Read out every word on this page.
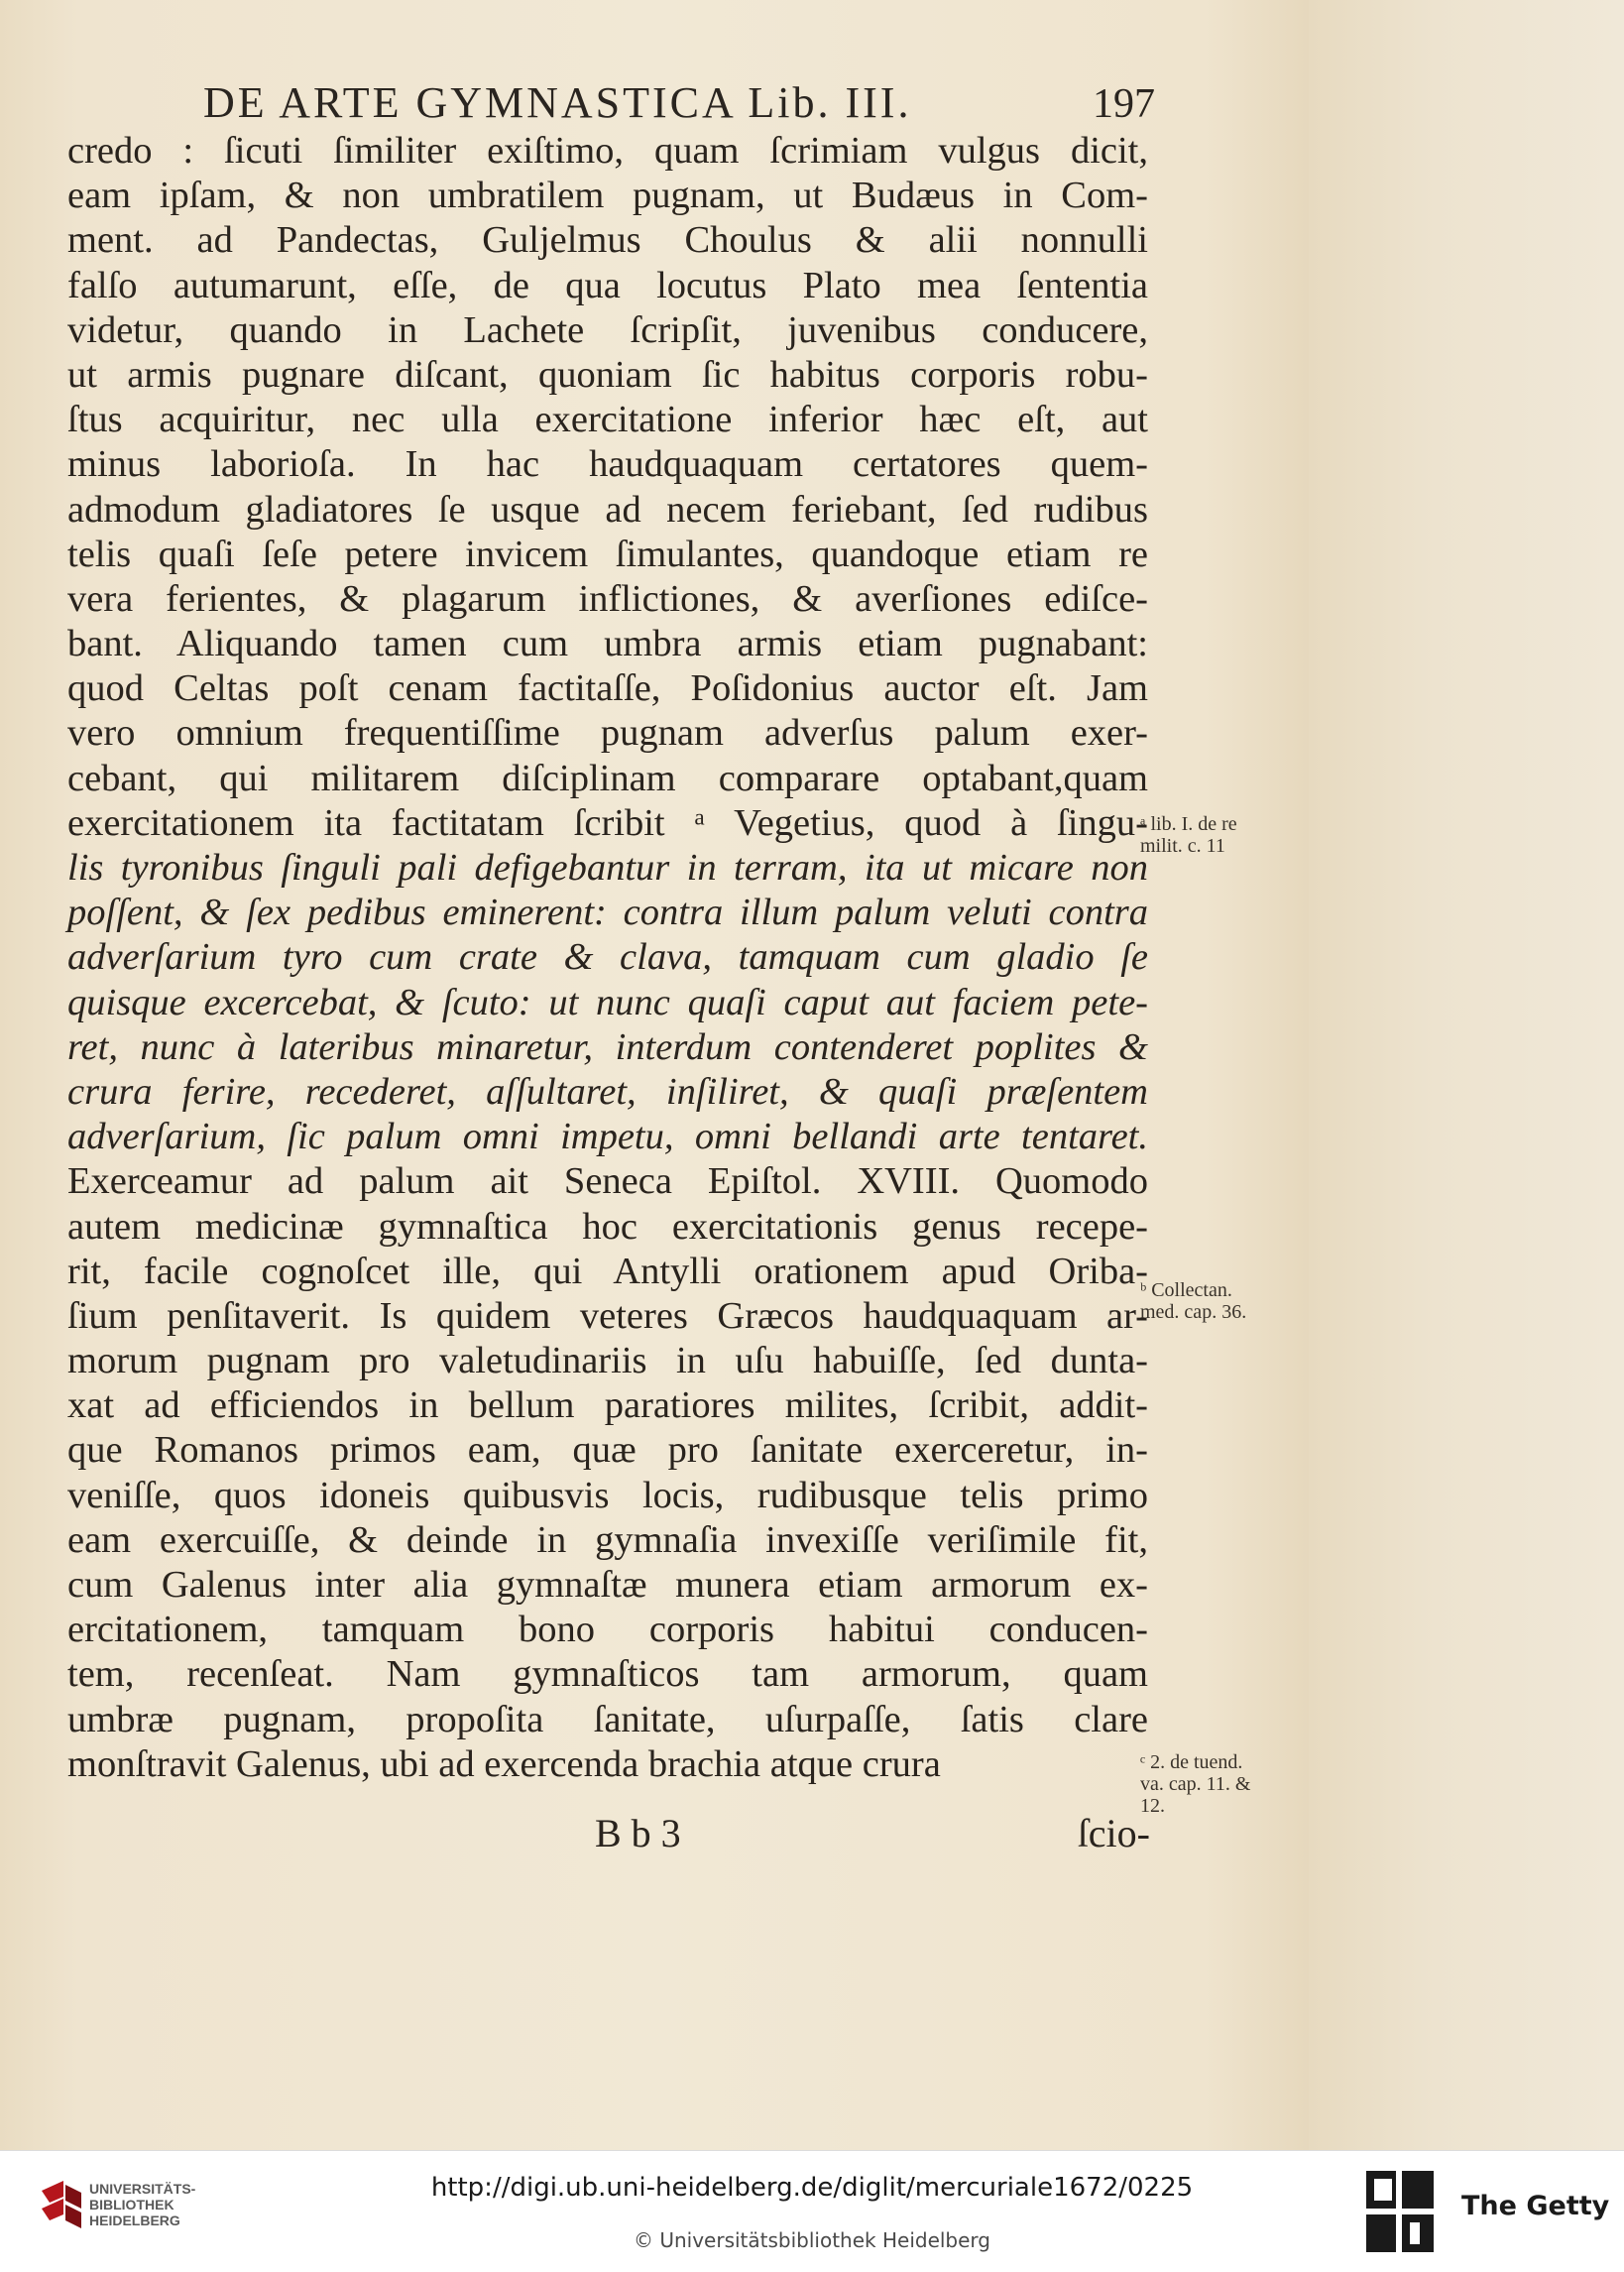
DE ARTE GYMNASTICA Lib. III.	197
credo : ſicuti ſimiliter exiſtimo, quam ſcrimiam vulgus dicit,
eam ipſam, & non umbratilem pugnam, ut Budæus in Com-
ment. ad Pandectas, Guljelmus Choulus & alii nonnulli
falſo autumarunt, eſſe, de qua locutus Plato mea ſententia
videtur, quando in Lachete ſcripſit, juvenibus conducere,
ut armis pugnare diſcant, quoniam ſic habitus corporis robu-
ſtus acquiritur, nec ulla exercitatione inferior hæc eſt, aut
minus laborioſa. In hac haudquaquam certatores quem-
admodum gladiatores ſe usque ad necem feriebant, ſed rudibus
telis quaſi ſeſe petere invicem ſimulantes, quandoque etiam re
vera ferientes, & plagarum inflictiones, & averſiones ediſce-
bant. Aliquando tamen cum umbra armis etiam pugnabant:
quod Celtas poſt cenam factitaſſe, Poſidonius auctor eſt. Jam
vero omnium frequentiſſime pugnam adverſus palum exer-
cebant, qui militarem diſciplinam comparare optabant,quam
exercitationem ita factitatam ſcribit ᵃ Vegetius, quod à ſingu-
lis tyronibus ſinguli pali defigebantur in terram, ita ut micare non
poſſent, & ſex pedibus eminerent: contra illum palum veluti contra
adverſarium tyro cum crate & clava, tamquam cum gladio ſe
quisque excercebat, & ſcuto: ut nunc quaſi caput aut faciem pete-
ret, nunc à lateribus minaretur, interdum contenderet poplites &
crura ferire, recederet, aſſultaret, inſiliret, & quaſi præſentem
adverſarium, ſic palum omni impetu, omni bellandi arte tentaret.
Exerceamur ad palum ait Seneca Epiſtol. XVIII. Quomodo
autem medicinæ gymnaſtica hoc exercitationis genus recepe-
rit, facile cognoſcet ille, qui Antylli orationem apud Oriba-
ſium penſitaverit. Is quidem veteres Græcos haudquaquam ar-
morum pugnam pro valetudinariis in uſu habuiſſe, ſed dunta-
xat ad efficiendos in bellum paratiores milites, ſcribit, addit-
que Romanos primos eam, quæ pro ſanitate exerceretur, in-
veniſſe, quos idoneis quibusvis locis, rudibusque telis primo
eam exercuiſſe, & deinde in gymnaſia invexiſſe veriſimile fit,
cum Galenus inter alia gymnaſtæ munera etiam armorum ex-
ercitationem, tamquam bono corporis habitui conducen-
tem, recenſeat. Nam gymnaſticos tam armorum, quam
umbræ pugnam, propoſita ſanitate, uſurpaſſe, ſatis clare
monſtravit Galenus, ubi ad exercenda brachia atque crura
ᵃ lib. I. de re
milit. c. 11
ᵇ Collectan.
med. cap. 36.
ᶜ 2. de tuend.
va. cap. 11. &
12.
B b 3	ſcio-
UNIVERSITÄTS-
BIBLIOTHEK
HEIDELBERG
http://digi.ub.uni-heidelberg.de/diglit/mercuriale1672/0225
© Universitätsbibliothek Heidelberg
The Getty
